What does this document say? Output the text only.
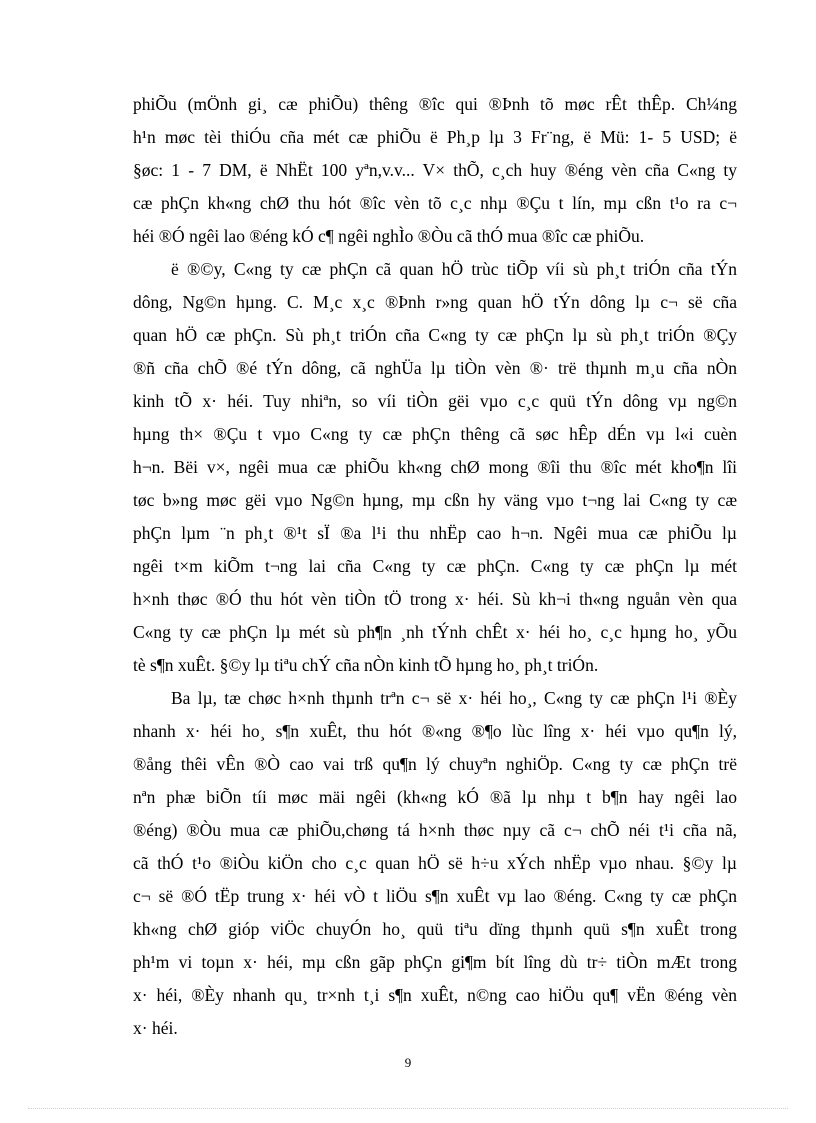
phiÕu (mÖnh gi¸ cæ phiÕu) thêng ®îc qui ®Þnh tõ møc rÊt thÊp. Ch¼ng
h¹n møc tèi thiÓu cña mét cæ phiÕu ë Ph¸p lµ 3 Fr¨ng, ë Mü: 1- 5 USD; ë
§øc: 1 - 7 DM, ë NhËt 100 yªn,v.v... V× thÕ, c¸ch huy ®éng vèn cña C«ng ty
cæ phÇn kh«ng chØ thu hót ®îc vèn tõ c¸c nhµ ®Çu t lín, mµ cßn t¹o ra c¬
héi ®Ó ngêi lao ®éng kÓ c¶ ngêi nghÌo ®Òu cã thÓ mua ®îc cæ phiÕu.
ë ®©y, C«ng ty cæ phÇn cã quan hÖ trùc tiÕp víi sù ph¸t triÓn cña tÝn
dông, Ng©n hµng. C. M¸c x¸c ®Þnh r»ng quan hÖ tÝn dông lµ c¬ së cña
quan hÖ cæ phÇn. Sù ph¸t triÓn cña C«ng ty cæ phÇn lµ sù ph¸t triÓn ®Çy
®ñ cña chÕ ®é tÝn dông, cã nghÜa lµ tiÒn vèn ®· trë thµnh m¸u cña nÒn
kinh tÕ x· héi. Tuy nhiªn, so víi tiÒn gëi vµo c¸c quü tÝn dông vµ ng©n
hµng th× ®Çu t vµo C«ng ty cæ phÇn thêng cã søc hÊp dÉn vµ l«i cuèn
h¬n. Bëi v×, ngêi mua cæ phiÕu kh«ng chØ mong ®îi thu ®îc mét kho¶n lîi
tøc b»ng møc gëi vµo Ng©n hµng, mµ cßn hy väng vµo t¬ng lai C«ng ty cæ
phÇn lµm ¨n ph¸t ®¹t sÏ ®a l¹i thu nhËp cao h¬n. Ngêi mua cæ phiÕu lµ
ngêi t×m kiÕm t¬ng lai cña C«ng ty cæ phÇn. C«ng ty cæ phÇn lµ mét
h×nh thøc ®Ó thu hót vèn tiÒn tÖ trong x· héi. Sù kh¬i th«ng nguån vèn qua
C«ng ty cæ phÇn lµ mét sù ph¶n ¸nh tÝnh chÊt x· héi ho¸ c¸c hµng ho¸ yÕu
tè s¶n xuÊt. §©y lµ tiªu chÝ cña nÒn kinh tÕ hµng ho¸ ph¸t triÓn.
Ba lµ, tæ chøc h×nh thµnh trªn c¬ së x· héi ho¸, C«ng ty cæ phÇn l¹i ®Èy
nhanh x· héi ho¸ s¶n xuÊt, thu hót ®«ng ®¶o lùc lîng x· héi vµo qu¶n lý,
®ång thêi vÊn ®Ò cao vai trß qu¶n lý chuyªn nghiÖp. C«ng ty cæ phÇn trë
nªn phæ biÕn tíi møc mäi ngêi (kh«ng kÓ ®ã lµ nhµ t b¶n hay ngêi lao
®éng) ®Òu mua cæ phiÕu,chøng tá h×nh thøc nµy cã c¬ chÕ néi t¹i cña nã,
cã thÓ t¹o ®iÒu kiÖn cho c¸c quan hÖ së h÷u xÝch nhËp vµo nhau. §©y lµ
c¬ së ®Ó tËp trung x· héi vÒ t liÖu s¶n xuÊt vµ lao ®éng. C«ng ty cæ phÇn
kh«ng chØ gióp viÖc chuyÓn ho¸ quü tiªu dïng thµnh quü s¶n xuÊt trong
ph¹m vi toµn x· héi, mµ cßn gãp phÇn gi¶m bít lîng dù tr÷ tiÒn mÆt trong
x· héi, ®Èy nhanh qu¸ tr×nh t¸i s¶n xuÊt, n©ng cao hiÖu qu¶ vËn ®éng vèn
x· héi.
9
